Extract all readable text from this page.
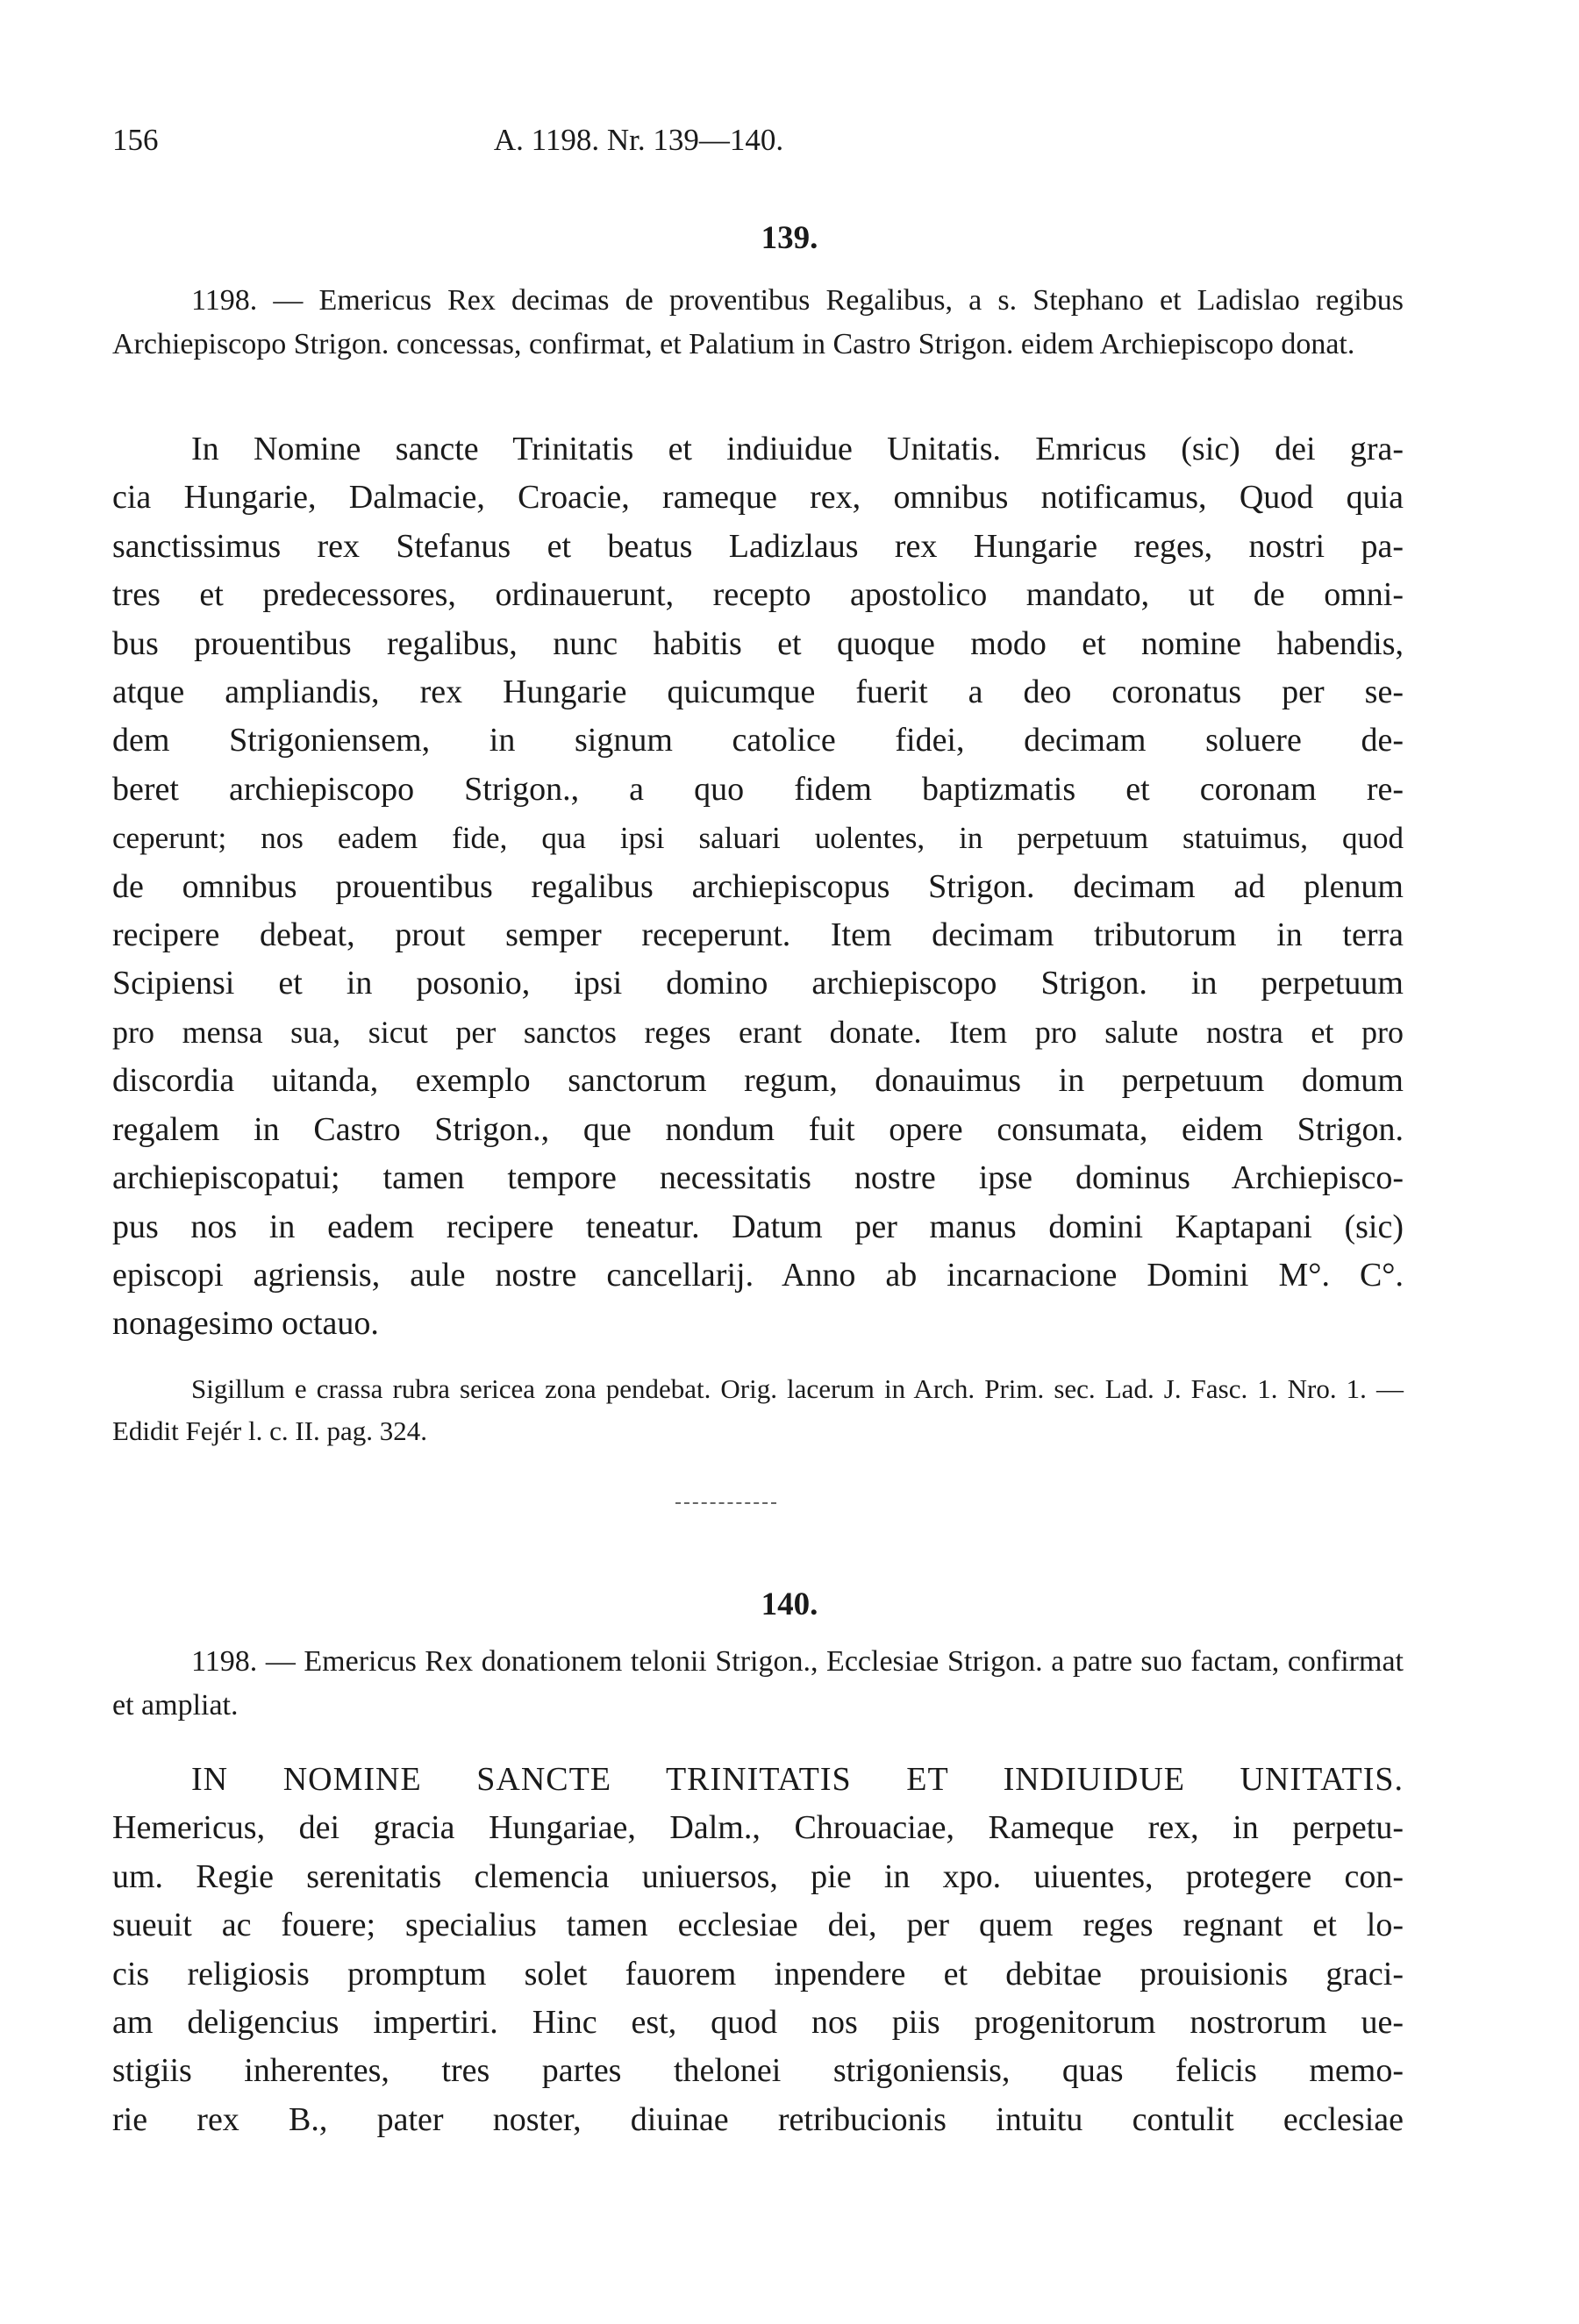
156	A. 1198. Nr. 139—140.
139.
1198. — Emericus Rex decimas de proventibus Regalibus, a s. Stephano et Ladislao regibus Archiepiscopo Strigon. concessas, confirmat, et Palatium in Castro Strigon. eidem Archiepiscopo donat.
In Nomine sancte Trinitatis et indiuidue Unitatis. Emricus (sic) dei gra-
cia Hungarie, Dalmacie, Croacie, rameque rex, omnibus notificamus, Quod quia
sanctissimus rex Stefanus et beatus Ladizlaus rex Hungarie reges, nostri pa-
tres et predecessores, ordinauerunt, recepto apostolico mandato, ut de omni-
bus prouentibus regalibus, nunc habitis et quoque modo et nomine habendis,
atque ampliandis, rex Hungarie quicumque fuerit a deo coronatus per se-
dem Strigoniensem, in signum catolice fidei, decimam soluere de-
beret archiepiscopo Strigon., a quo fidem baptizmatis et coronam re-
ceperunt; nos eadem fide, qua ipsi saluari uolentes, in perpetuum statuimus, quod
de omnibus prouentibus regalibus archiepiscopus Strigon. decimam ad plenum
recipere debeat, prout semper receperunt. Item decimam tributorum in terra
Scipiensi et in posonio, ipsi domino archiepiscopo Strigon. in perpetuum
pro mensa sua, sicut per sanctos reges erant donate. Item pro salute nostra et pro
discordia uitanda, exemplo sanctorum regum, donauimus in perpetuum domum
regalem in Castro Strigon., que nondum fuit opere consumata, eidem Strigon.
archiepiscopatui; tamen tempore necessitatis nostre ipse dominus Archiepisco-
pus nos in eadem recipere teneatur. Datum per manus domini Kaptapani (sic)
episcopi agriensis, aule nostre cancellarij. Anno ab incarnacione Domini M°. C°.
nonagesimo octauo.
Sigillum e crassa rubra sericea zona pendebat. Orig. lacerum in Arch. Prim. sec. Lad. J. Fasc. 1. Nro. 1. — Edidit Fejér l. c. II. pag. 324.
140.
1198. — Emericus Rex donationem telonii Strigon., Ecclesiae Strigon. a patre suo factam, confirmat et ampliat.
IN NOMINE SANCTE TRINITATIS ET INDIUIDUE UNITATIS.
Hemericus, dei gracia Hungariae, Dalm., Chrouaciae, Rameque rex, in perpetu-
um. Regie serenitatis clemencia uniuersos, pie in xpo. uiuentes, protegere con-
sueuit ac fouere; specialius tamen ecclesiae dei, per quem reges regnant et lo-
cis religiosis promptum solet fauorem inpendere et debitae prouisionis graci-
am deligencius impertiri. Hinc est, quod nos piis progenitorum nostrorum ue-
stigiis inherentes, tres partes thelonei strigoniensis, quas felicis memo-
rie rex B., pater noster, diuinae retribucionis intuitu contulit ecclesiae
